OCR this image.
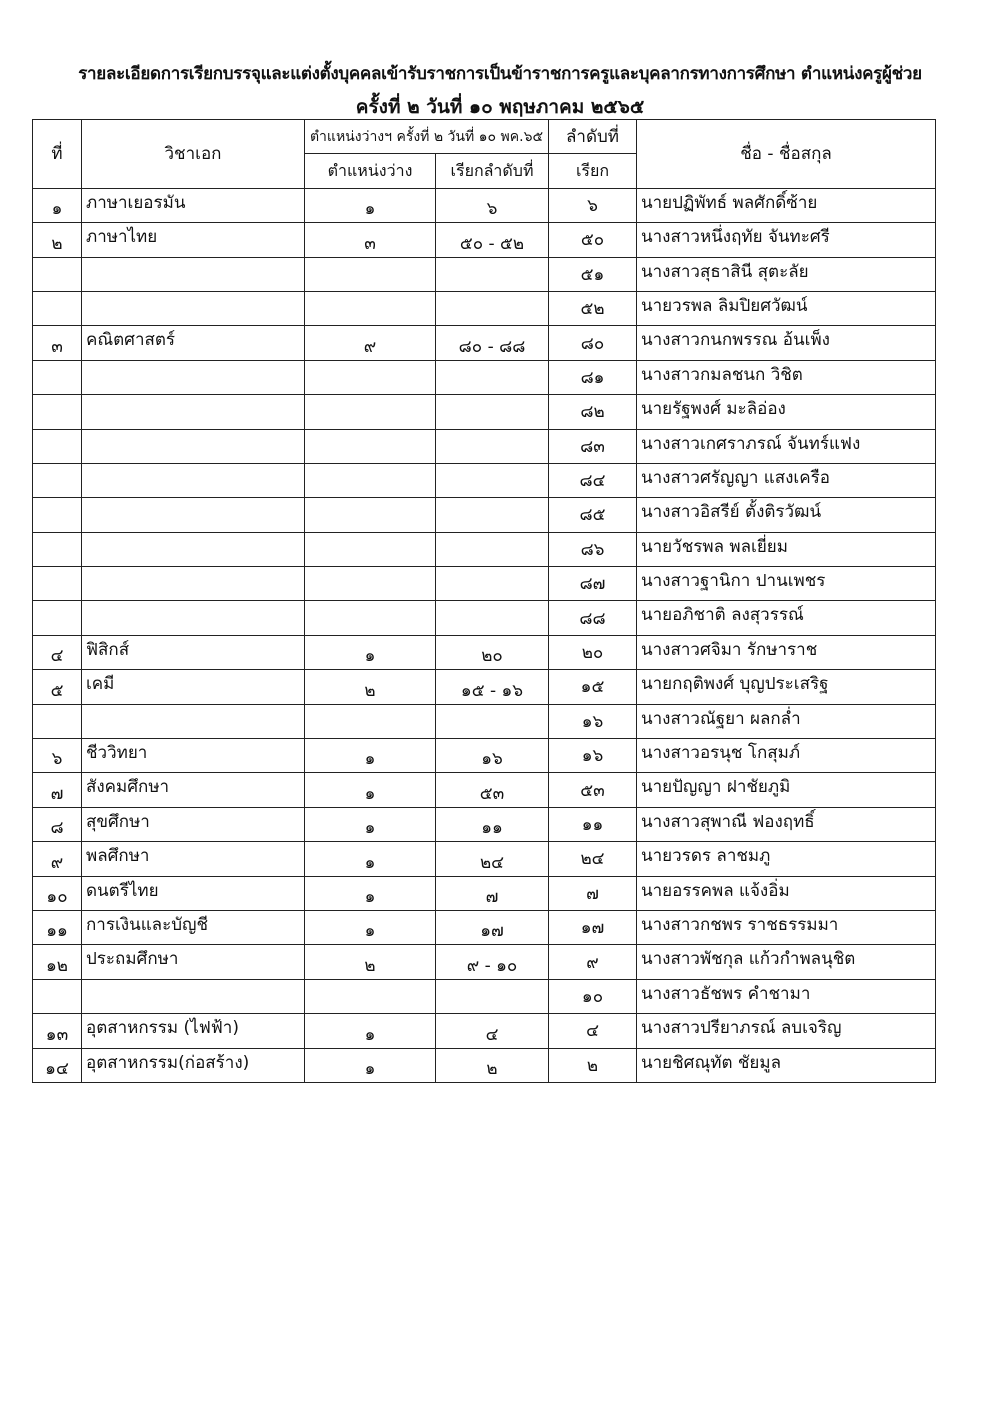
รายละเอียดการเรียกบรรจุและแต่งตั้งบุคคลเข้ารับราชการเป็นข้าราชการครูและบุคลากรทางการศึกษา ตำแหน่งครูผู้ช่วย
ครั้งที่ ๒ วันที่ ๑๐ พฤษภาคม ๒๕๖๕
ที่	วิชาเอก	ตำแหน่งว่างฯ ครั้งที่ ๒ วันที่ ๑๐ พค.๖๕		ลำดับที่	ชื่อ - ชื่อสกุล
		ตำแหน่งว่าง	เรียกลำดับที่	เรียก	
๑	ภาษาเยอรมัน	๑	๖	๖	นายปฏิพัทธ์ พลศักดิ์ซ้าย
๒	ภาษาไทย	๓	๕๐ - ๕๒	๕๐	นางสาวหนึ่งฤทัย จันทะศรี
				๕๑	นางสาวสุธาสินี สุตะลัย
				๕๒	นายวรพล ลิมปิยศวัฒน์
๓	คณิตศาสตร์	๙	๘๐ - ๘๘	๘๐	นางสาวกนกพรรณ อ้นเพ็ง
				๘๑	นางสาวกมลชนก วิชิต
				๘๒	นายรัฐพงศ์ มะลิอ่อง
				๘๓	นางสาวเกศราภรณ์ จันทร์แฟง
				๘๔	นางสาวศรัญญา แสงเครือ
				๘๕	นางสาวอิสรีย์ ตั้งติรวัฒน์
				๘๖	นายวัชรพล พลเยี่ยม
				๘๗	นางสาวฐานิกา ปานเพชร
				๘๘	นายอภิชาติ ลงสุวรรณ์
๔	ฟิสิกส์	๑	๒๐	๒๐	นางสาวศจิมา รักษาราช
๕	เคมี	๒	๑๕ - ๑๖	๑๕	นายกฤติพงศ์ บุญประเสริฐ
				๑๖	นางสาวณัฐยา ผลกล่ำ
๖	ชีววิทยา	๑	๑๖	๑๖	นางสาวอรนุช โกสุมภ์
๗	สังคมศึกษา	๑	๕๓	๕๓	นายปัญญา ฝาชัยภูมิ
๘	สุขศึกษา	๑	๑๑	๑๑	นางสาวสุพาณี ฟองฤทธิ์
๙	พลศึกษา	๑	๒๔	๒๔	นายวรดร ลาชมภู
๑๐	ดนตรีไทย	๑	๗	๗	นายอรรคพล แจ้งอิ่ม
๑๑	การเงินและบัญชี	๑	๑๗	๑๗	นางสาวกชพร ราชธรรมมา
๑๒	ประถมศึกษา	๒	๙ - ๑๐	๙	นางสาวพัชกุล แก้วกำพลนุชิต
				๑๐	นางสาวธัชพร คำชามา
๑๓	อุตสาหกรรม (ไฟฟ้า)	๑	๔	๔	นางสาวปรียาภรณ์ ลบเจริญ
๑๔	อุตสาหกรรม(ก่อสร้าง)	๑	๒	๒	นายชิศณุทัต ชัยมูล
